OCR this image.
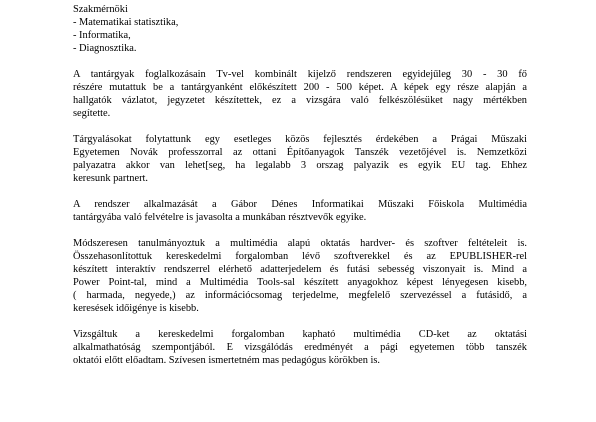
Szakmérnöki
- Matematikai statisztika,
- Informatika,
- Diagnosztika.
A tantárgyak foglalkozásain Tv-vel kombinált kijelző rendszeren egyidejűleg 30 - 30 fő
részére mutattuk be a tantárgyanként előkészített 200 - 500 képet. A képek egy része alapján a
hallgatók vázlatot, jegyzetet készítettek, ez a vizsgára való felkészölésüket nagy mértékben
segítette.
Tárgyalásokat folytattunk egy esetleges közös fejlesztés érdekében a Prágai Műszaki
Egyetemen Novák professzorral az ottani Építőanyagok Tanszék vezetőjével is. Nemzetközi
palyazatra akkor van lehet[seg, ha legalabb 3 orszag palyazik es egyik EU tag. Ehhez
keresunk partnert.
A rendszer alkalmazását a Gábor Dénes Informatikai Műszaki Főiskola Multimédia
tantárgyába való felvételre is javasolta a munkában résztvevők egyike.
Módszeresen tanulmányoztuk a multimédia alapú oktatás hardver- és szoftver feltételeit is.
Összehasonlítottuk kereskedelmi forgalomban lévő szoftverekkel és az EPUBLISHER-rel
készített interaktív rendszerrel elérhető adatterjedelem és futási sebesség viszonyait is. Mind a
Power Point-tal, mind a Multimédia Tools-sal készített anyagokhoz képest lényegesen kisebb,
( harmada, negyede,) az információcsomag terjedelme, megfelelő szervezéssel a futásidő, a
keresések időigénye is kisebb.
Vizsgáltuk a kereskedelmi forgalomban kapható multimédia CD-ket az oktatási
alkalmathatóság szempontjából. E vizsgálódás eredményét a pági egyetemen több tanszék
oktatói előtt előadtam. Szívesen ismertetném mas pedagógus körökben is.
